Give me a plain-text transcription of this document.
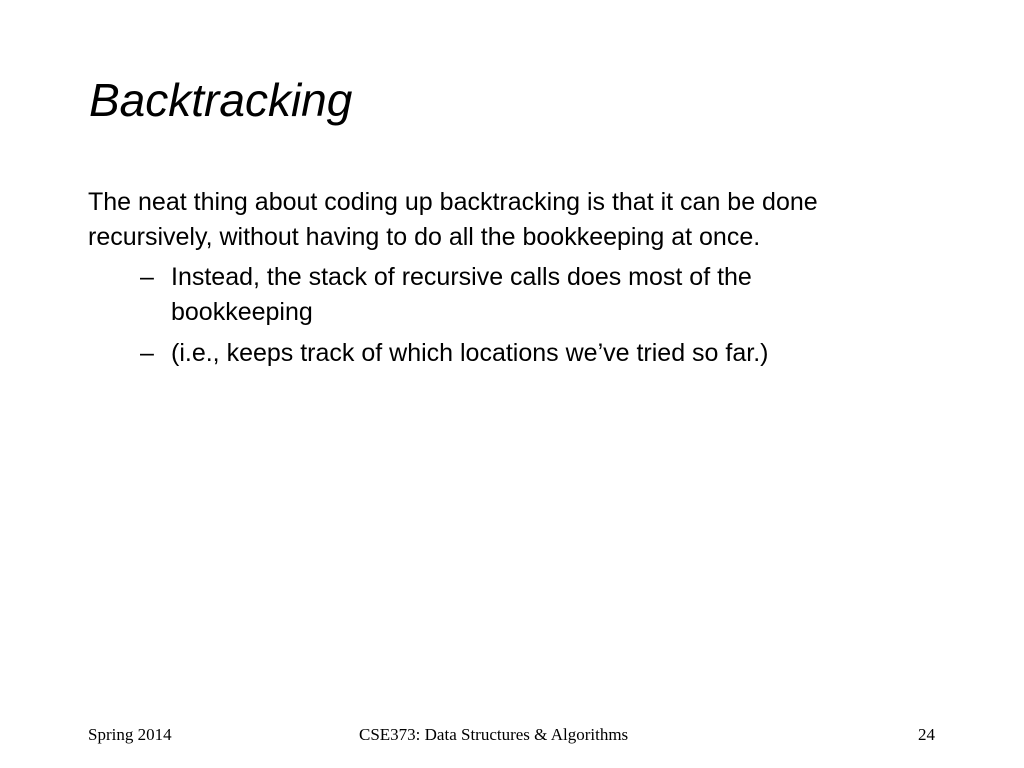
Backtracking

The neat thing about coding up backtracking is that it can be done recursively, without having to do all the bookkeeping at once.

– Instead, the stack of recursive calls does most of the bookkeeping
– (i.e., keeps track of which locations we’ve tried so far.)
Spring 2014	CSE373: Data Structures & Algorithms	24
